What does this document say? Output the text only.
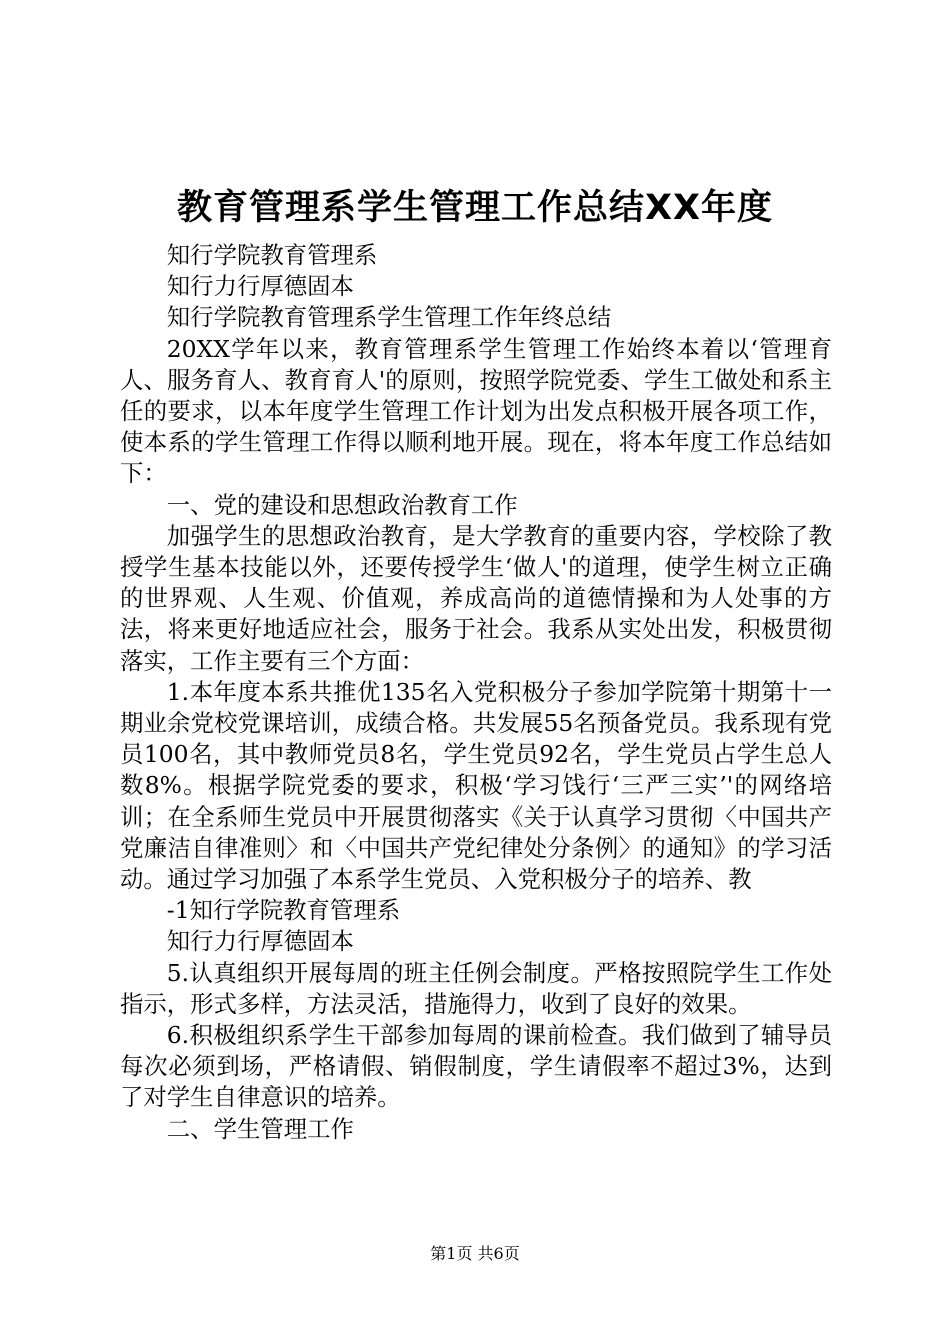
教育管理系学生管理工作总结XX年度

知行学院教育管理系

知行力行厚德固本

知行学院教育管理系学生管理工作年终总结

20XX学年以来，教育管理系学生管理工作始终本着以‘管理育人、服务育人、教育育人'的原则，按照学院党委、学生工做处和系主任的要求，以本年度学生管理工作计划为出发点积极开展各项工作，使本系的学生管理工作得以顺利地开展。现在，将本年度工作总结如下：

一、党的建设和思想政治教育工作

加强学生的思想政治教育，是大学教育的重要内容，学校除了教授学生基本技能以外，还要传授学生‘做人'的道理，使学生树立正确的世界观、人生观、价值观，养成高尚的道德情操和为人处事的方法，将来更好地适应社会，服务于社会。我系从实处出发，积极贯彻落实，工作主要有三个方面：

1.本年度本系共推优135名入党积极分子参加学院第十期第十一期业余党校党课培训，成绩合格。共发展55名预备党员。我系现有党员100名，其中教师党员8名，学生党员92名，学生党员占学生总人数8%。根据学院党委的要求，积极‘学习饯行‘三严三实’'的网络培训；在全系师生党员中开展贯彻落实《关于认真学习贯彻〈中国共产党廉洁自律准则〉和〈中国共产党纪律处分条例〉的通知》的学习活动。通过学习加强了本系学生党员、入党积极分子的培养、教

-1知行学院教育管理系

知行力行厚德固本

5.认真组织开展每周的班主任例会制度。严格按照院学生工作处指示，形式多样，方法灵活，措施得力，收到了良好的效果。

6.积极组织系学生干部参加每周的课前检查。我们做到了辅导员每次必须到场，严格请假、销假制度，学生请假率不超过3%，达到了对学生自律意识的培养。

二、学生管理工作

第1页 共6页
